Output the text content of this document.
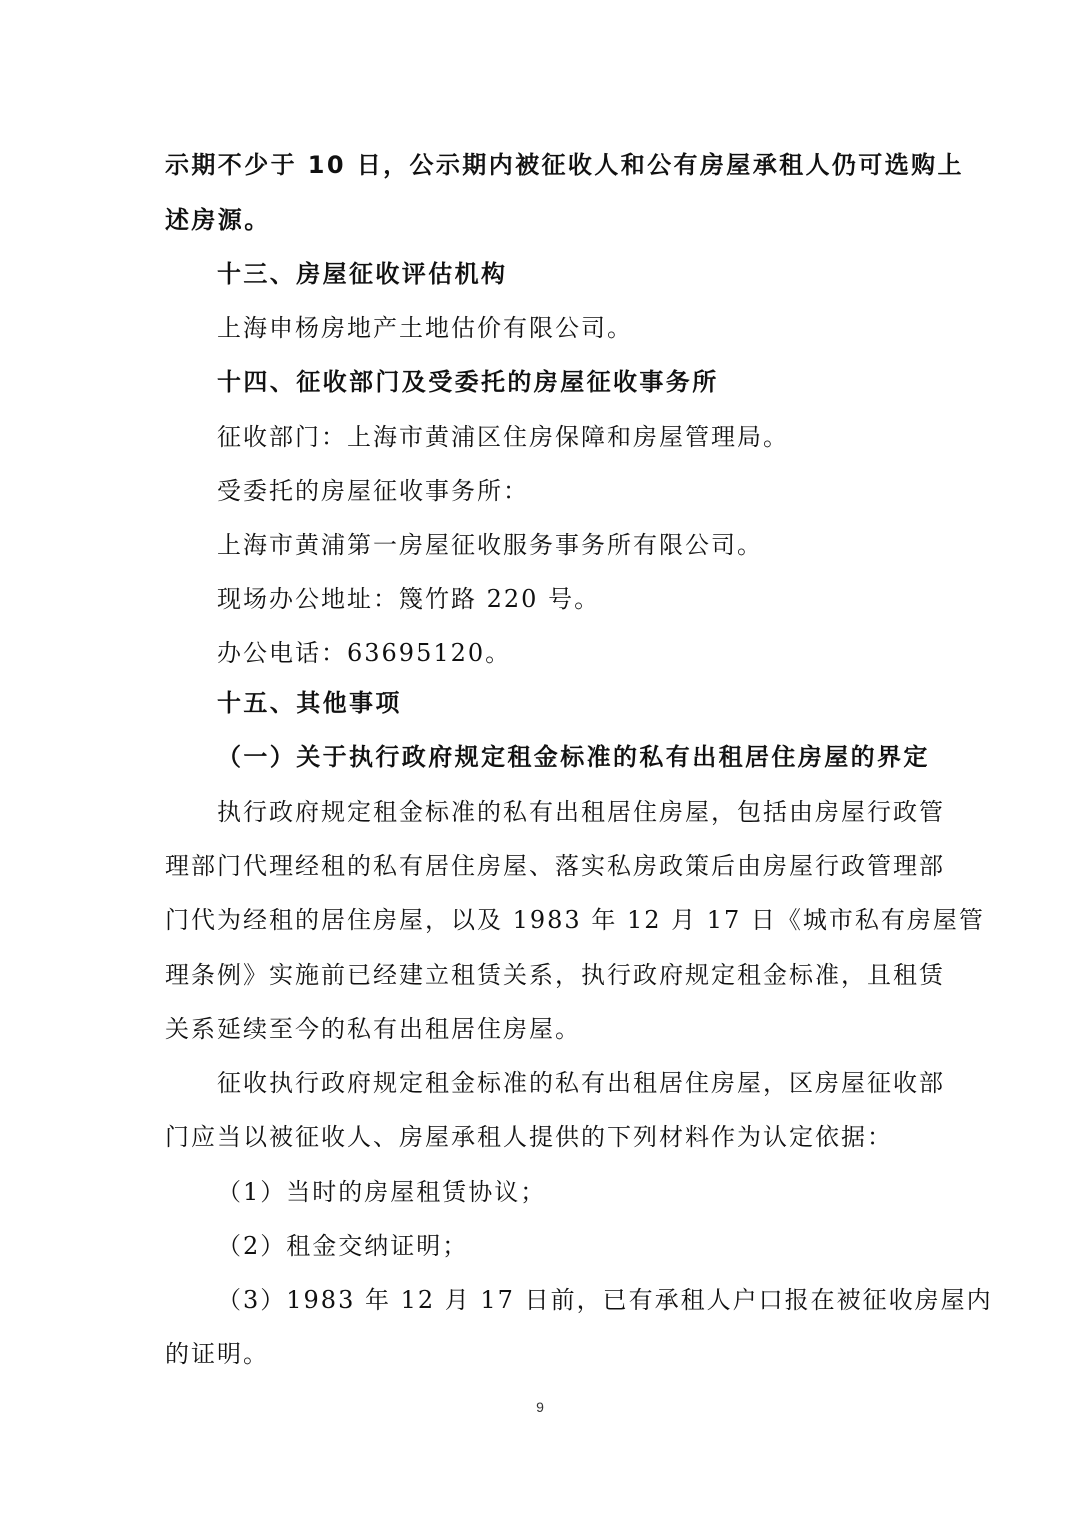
示期不少于 10 日，公示期内被征收人和公有房屋承租人仍可选购上
述房源。
十三、房屋征收评估机构
上海申杨房地产土地估价有限公司。
十四、征收部门及受委托的房屋征收事务所
征收部门：上海市黄浦区住房保障和房屋管理局。
受委托的房屋征收事务所：
上海市黄浦第一房屋征收服务事务所有限公司。
现场办公地址：篾竹路 220 号。
办公电话：63695120。
十五、其他事项
（一）关于执行政府规定租金标准的私有出租居住房屋的界定
执行政府规定租金标准的私有出租居住房屋，包括由房屋行政管
理部门代理经租的私有居住房屋、落实私房政策后由房屋行政管理部
门代为经租的居住房屋，以及 1983 年 12 月 17 日《城市私有房屋管
理条例》实施前已经建立租赁关系，执行政府规定租金标准，且租赁
关系延续至今的私有出租居住房屋。
征收执行政府规定租金标准的私有出租居住房屋，区房屋征收部
门应当以被征收人、房屋承租人提供的下列材料作为认定依据：
（1）当时的房屋租赁协议；
（2）租金交纳证明；
（3）1983 年 12 月 17 日前，已有承租人户口报在被征收房屋内
的证明。
9
